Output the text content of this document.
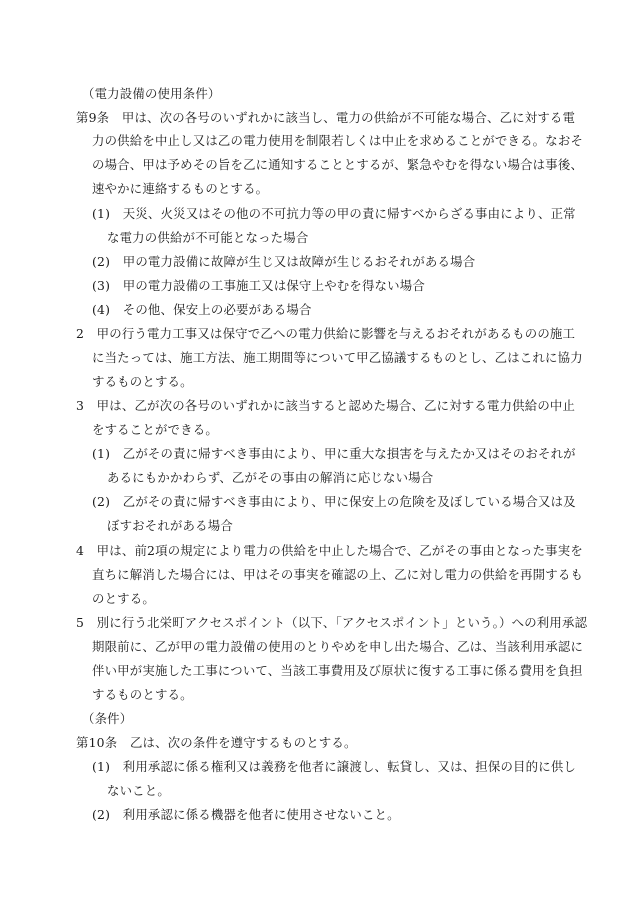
（電力設備の使用条件）
第9条　甲は、次の各号のいずれかに該当し、電力の供給が不可能な場合、乙に対する電
力の供給を中止し又は乙の電力使用を制限若しくは中止を求めることができる。なおそ
の場合、甲は予めその旨を乙に通知することとするが、緊急やむを得ない場合は事後、
速やかに連絡するものとする。
(1)　天災、火災又はその他の不可抗力等の甲の責に帰すべからざる事由により、正常
な電力の供給が不可能となった場合
(2)　甲の電力設備に故障が生じ又は故障が生じるおそれがある場合
(3)　甲の電力設備の工事施工又は保守上やむを得ない場合
(4)　その他、保安上の必要がある場合
2　甲の行う電力工事又は保守で乙への電力供給に影響を与えるおそれがあるものの施工
に当たっては、施工方法、施工期間等について甲乙協議するものとし、乙はこれに協力
するものとする。
3　甲は、乙が次の各号のいずれかに該当すると認めた場合、乙に対する電力供給の中止
をすることができる。
(1)　乙がその責に帰すべき事由により、甲に重大な損害を与えたか又はそのおそれが
あるにもかかわらず、乙がその事由の解消に応じない場合
(2)　乙がその責に帰すべき事由により、甲に保安上の危険を及ぼしている場合又は及
ぼすおそれがある場合
4　甲は、前2項の規定により電力の供給を中止した場合で、乙がその事由となった事実を
直ちに解消した場合には、甲はその事実を確認の上、乙に対し電力の供給を再開するも
のとする。
5　別に行う北栄町アクセスポイント（以下、「アクセスポイント」という。）への利用承認
期限前に、乙が甲の電力設備の使用のとりやめを申し出た場合、乙は、当該利用承認に
伴い甲が実施した工事について、当該工事費用及び原状に復する工事に係る費用を負担
するものとする。
（条件）
第10条　乙は、次の条件を遵守するものとする。
(1)　利用承認に係る権利又は義務を他者に譲渡し、転貸し、又は、担保の目的に供し
ないこと。
(2)　利用承認に係る機器を他者に使用させないこと。
